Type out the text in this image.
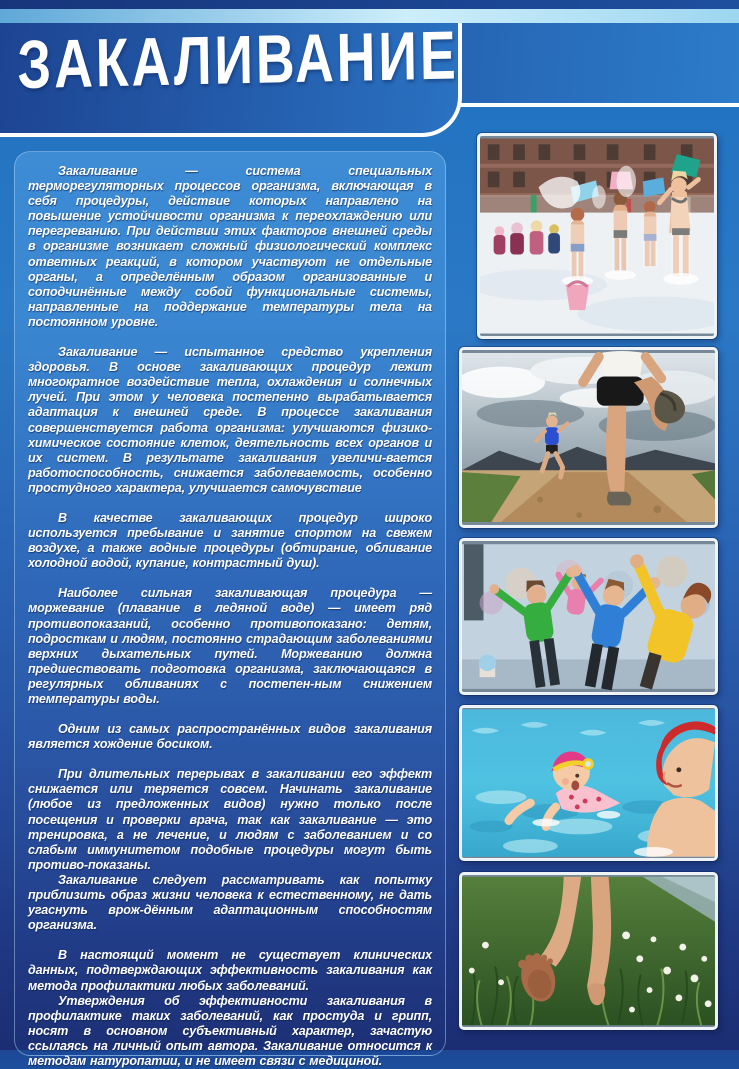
ЗАКАЛИВАНИЕ

Закаливание — система специальных терморегуляторных процессов организма, включающая в себя процедуры, действие которых направлено на повышение устойчивости организма к переохлаждению или перегреванию. При действии этих факторов внешней среды в организме возникает сложный физиологический комплекс ответных реакций, в котором участвуют не отдельные органы, а определённым образом организованные и соподчинённые между собой функциональные системы, направленные на поддержание температуры тела на постоянном уровне.

Закаливание — испытанное средство укрепления здоровья. В основе закаливающих процедур лежит многократное воздействие тепла, охлаждения и солнечных лучей. При этом у человека постепенно вырабатывается адаптация к внешней среде. В процессе закаливания совершенствуется работа организма: улучшаются физико-химическое состояние клеток, деятельность всех органов и их систем. В результате закаливания увеличи-вается работоспособность, снижается заболеваемость, особенно простудного характера, улучшается самочувствие

В качестве закаливающих процедур широко используется пребывание и занятие спортом на свежем воздухе, а также водные процедуры (обтирание, обливание холодной водой, купание, контрастный душ).

Наиболее сильная закаливающая процедура — моржевание (плавание в ледяной воде) — имеет ряд противопоказаний, особенно противопоказано: детям, подросткам и людям, постоянно страдающим заболеваниями верхних дыхательных путей. Моржеванию должна предшествовать подготовка организма, заключающаяся в регулярных обливаниях с постепен-ным снижением температуры воды.

Одним из самых распространённых видов закаливания является хождение босиком.

При длительных перерывах в закаливании его эффект снижается или теряется совсем. Начинать закаливание (любое из предложенных видов) нужно только после посещения и проверки врача, так как закаливание — это тренировка, а не лечение, и людям с заболеванием и со слабым иммунитетом подобные процедуры могут быть противо-показаны.

Закаливание следует рассматривать как попытку приблизить образ жизни человека к естественному, не дать угаснуть врож-дённым адаптационным способностям организма.

В настоящий момент не существует клинических данных, подтверждающих эффективность закаливания как метода профилактики любых заболеваний.

Утверждения об эффективности закаливания в профилактике таких заболеваний, как простуда и грипп, носят в основном субъективный характер, зачастую ссылаясь на личный опыт автора. Закаливание относится к методам натуропатии, и не имеет связи с медициной.
